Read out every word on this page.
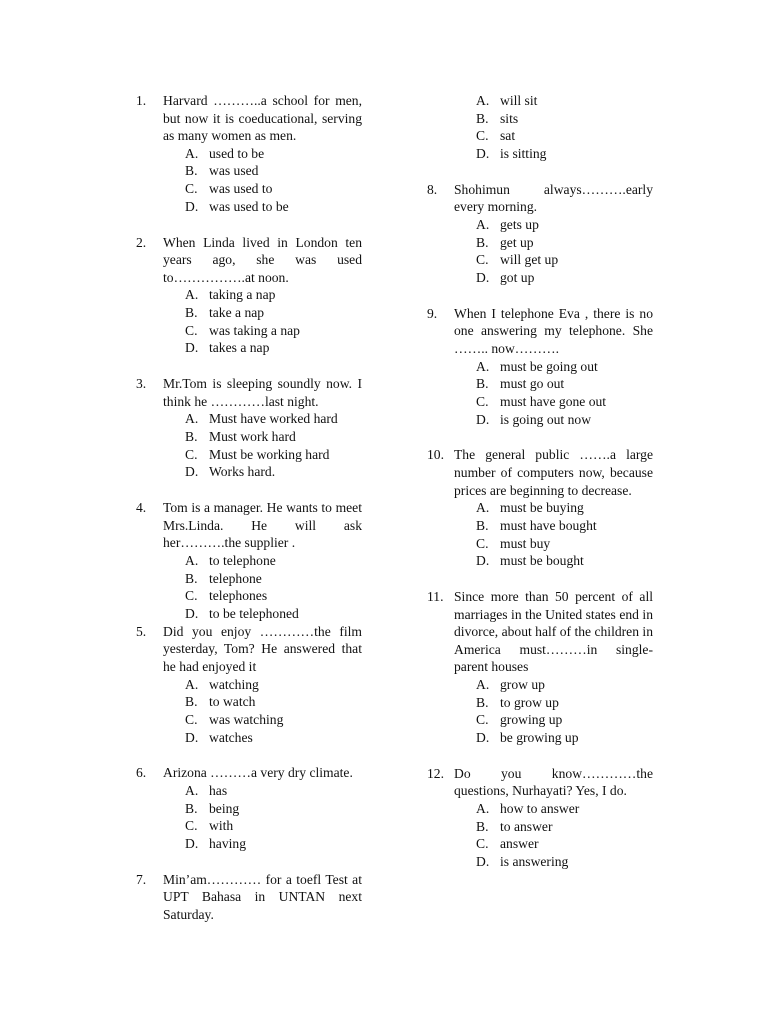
1.	Harvard ………..a school for men, but now it is coeducational, serving as many women as men.
A. used to be
B. was used
C. was used to
D. was used to be
2.	When Linda lived in London ten years ago, she was used to…………….at noon.
A. taking a nap
B. take a nap
C. was taking a nap
D. takes a nap
3.	Mr.Tom is sleeping soundly now. I think he …………last night.
A. Must have worked hard
B. Must work hard
C. Must be working hard
D. Works hard.
4.	Tom is a manager. He wants to meet Mrs.Linda. He will ask her……….the supplier .
A. to telephone
B. telephone
C. telephones
D. to be telephoned
5.	Did you enjoy …………the film yesterday, Tom? He answered that he had enjoyed it
A. watching
B. to watch
C. was watching
D. watches
6.	Arizona ………a very dry climate.
A. has
B. being
C. with
D. having
7.	Min’am………… for a toefl Test at UPT Bahasa in UNTAN next Saturday.
A. will sit
B. sits
C. sat
D. is sitting
8.	Shohimun always……….early every morning.
A. gets up
B. get up
C. will get up
D. got up
9.	When I telephone Eva , there is no one answering my telephone. She …….. now……….
A. must be going out
B. must go out
C. must have gone out
D. is going out now
10. The general public …….a large number of computers now, because prices are beginning to decrease.
A. must be buying
B. must have bought
C. must buy
D. must be bought
11. Since more than 50 percent of all marriages in the United states end in divorce, about half of the children in America must………in single-parent houses
A. grow up
B. to grow up
C. growing up
D. be growing up
12. Do you know…………the questions, Nurhayati? Yes, I do.
A. how to answer
B. to answer
C. answer
D. is answering
